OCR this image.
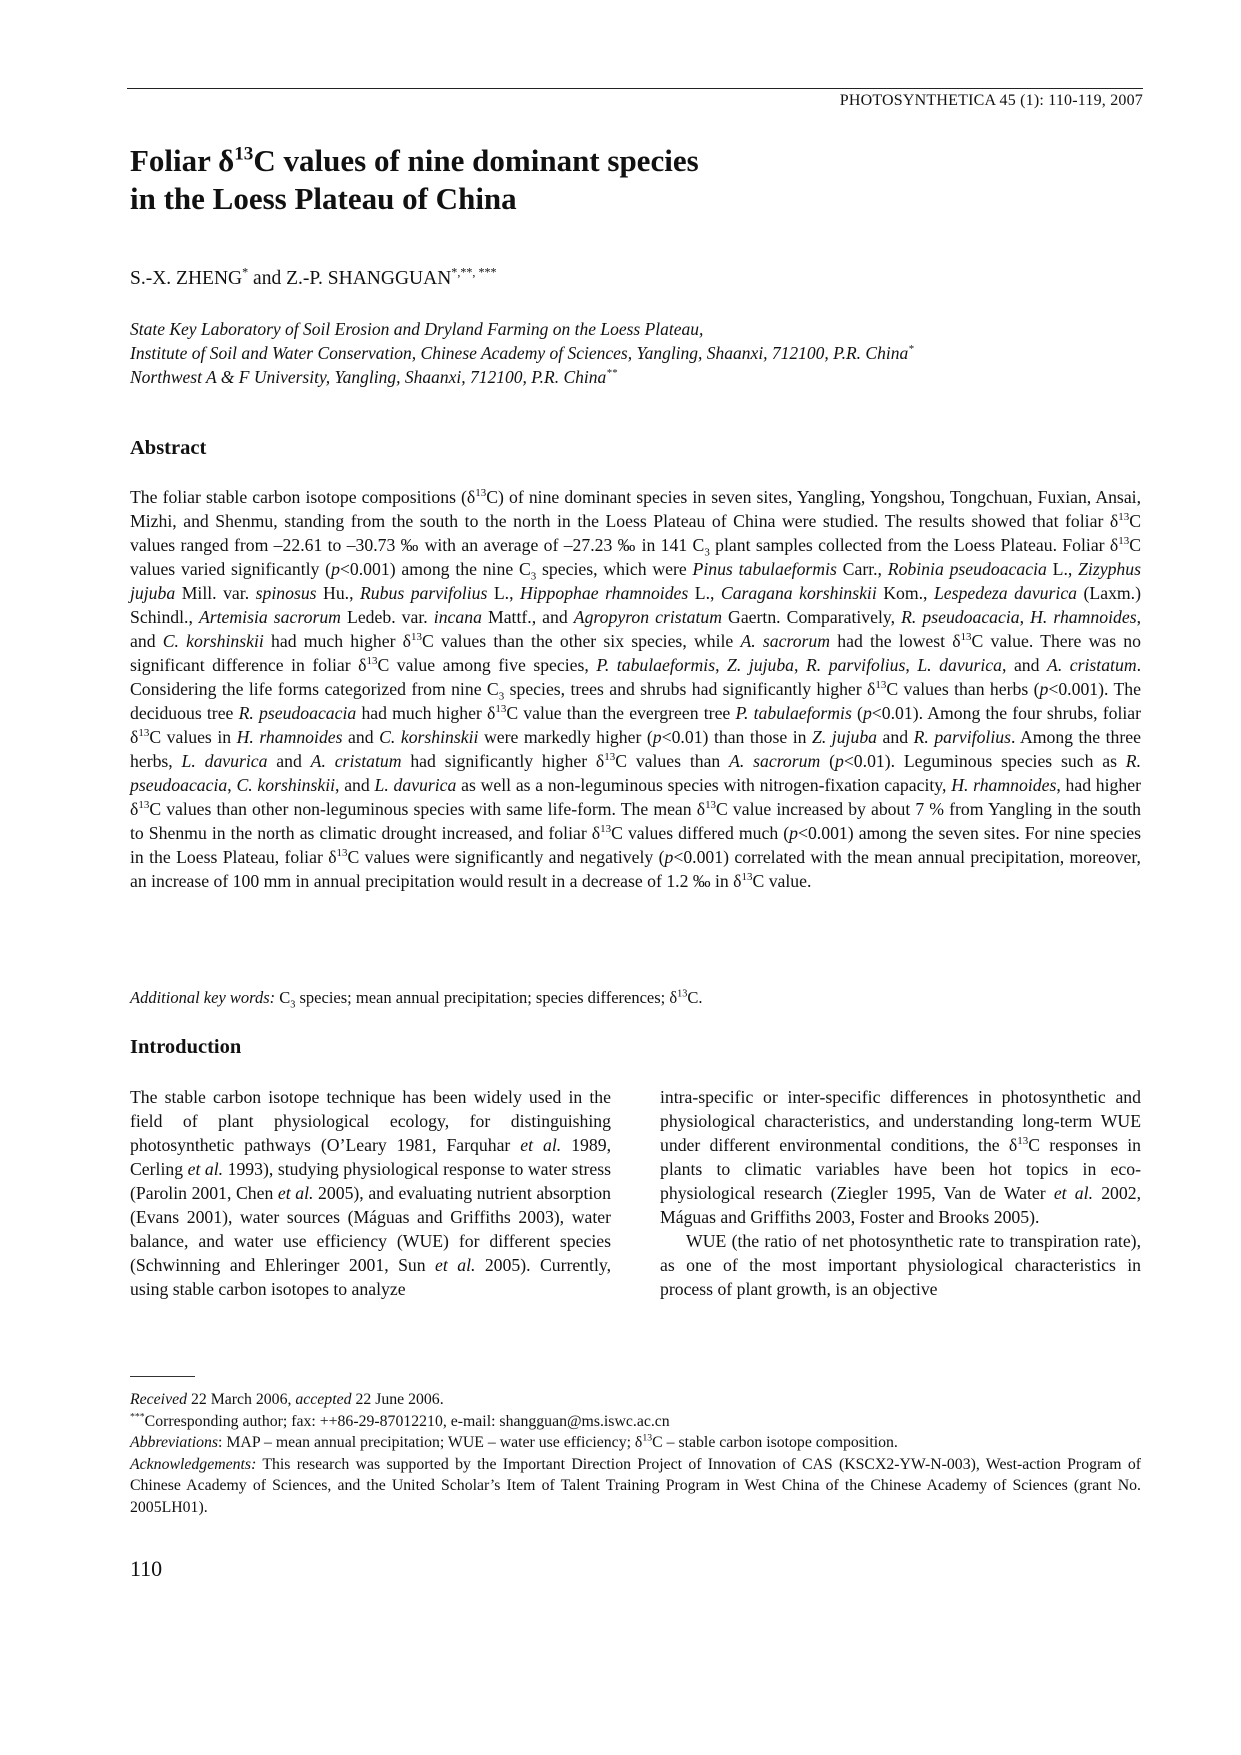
PHOTOSYNTHETICA 45 (1): 110-119, 2007
Foliar $\delta^{13}C$ values of nine dominant species
in the Loess Plateau of China
S.-X. ZHENG* and Z.-P. SHANGGUAN*,**, ***
State Key Laboratory of Soil Erosion and Dryland Farming on the Loess Plateau,
Institute of Soil and Water Conservation, Chinese Academy of Sciences, Yangling, Shaanxi, 712100, P.R. China*
Northwest A & F University, Yangling, Shaanxi, 712100, P.R. China**
Abstract

The foliar stable carbon isotope compositions $(\delta^{13}C)$ of nine dominant species in seven sites, Yangling, Yongshou, Tongchuan, Fuxian, Ansai, Mizhi, and Shenmu, standing from the south to the north in the Loess Plateau of China were studied. The results showed that foliar $\delta^{13}C$ values ranged from –22.61 to –30.73 ‰ with an average of –27.23 ‰ in 141 $C_3$ plant samples collected from the Loess Plateau. Foliar $\delta^{13}C$ values varied significantly (p<0.001) among the nine $C_3$ species, which were Pinus tabulaeformis Carr., Robinia pseudoacacia L., Zizyphus jujuba Mill. var. spinosus Hu., Rubus parvifolius L., Hippophae rhamnoides L., Caragana korshinskii Kom., Lespedeza davurica (Laxm.) Schindl., Artemisia sacrorum Ledeb. var. incana Mattf., and Agropyron cristatum Gaertn. Comparatively, R. pseudoacacia, H. rhamnoides, and C. korshinskii had much higher $\delta^{13}C$ values than the other six species, while A. sacrorum had the lowest $\delta^{13}C$ value. There was no significant difference in foliar $\delta^{13}C$ value among five species, P. tabulaeformis, Z. jujuba, R. parvifolius, L. davurica, and A. cristatum. Considering the life forms categorized from nine $C_3$ species, trees and shrubs had significantly higher $\delta^{13}C$ values than herbs (p<0.001). The deciduous tree R. pseudoacacia had much higher $\delta^{13}C$ value than the evergreen tree P. tabulaeformis (p<0.01). Among the four shrubs, foliar $\delta^{13}C$ values in H. rhamnoides and C. korshinskii were markedly higher (p<0.01) than those in Z. jujuba and R. parvifolius. Among the three herbs, L. davurica and A. cristatum had significantly higher $\delta^{13}C$ values than A. sacrorum (p<0.01). Leguminous species such as R. pseudoacacia, C. korshinskii, and L. davurica as well as a non-leguminous species with nitrogen-fixation capacity, H. rhamnoides, had higher $\delta^{13}C$ values than other non-leguminous species with same life-form. The mean $\delta^{13}C$ value increased by about 7 % from Yangling in the south to Shenmu in the north as climatic drought increased, and foliar $\delta^{13}C$ values differed much (p<0.001) among the seven sites. For nine species in the Loess Plateau, foliar $\delta^{13}C$ values were significantly and negatively (p<0.001) correlated with the mean annual precipitation, moreover, an increase of 100 mm in annual precipitation would result in a decrease of 1.2 ‰ in $\delta^{13}C$ value.

Additional key words: $C_3$ species; mean annual precipitation; species differences; $\delta^{13}C$.
Introduction

The stable carbon isotope technique has been widely used in the field of plant physiological ecology, for distinguishing photosynthetic pathways (O’Leary 1981, Farquhar et al. 1989, Cerling et al. 1993), studying physiological response to water stress (Parolin 2001, Chen et al. 2005), and evaluating nutrient absorption (Evans 2001), water sources (Máguas and Griffiths 2003), water balance, and water use efficiency (WUE) for different species (Schwinning and Ehleringer 2001, Sun et al. 2005). Currently, using stable carbon isotopes to analyze

intra-specific or inter-specific differences in photosynthetic and physiological characteristics, and understanding long-term WUE under different environmental conditions, the $\delta^{13}C$ responses in plants to climatic variables have been hot topics in eco-physiological research (Ziegler 1995, Van de Water et al. 2002, Máguas and Griffiths 2003, Foster and Brooks 2005).

WUE (the ratio of net photosynthetic rate to transpiration rate), as one of the most important physiological characteristics in process of plant growth, is an objective

Received 22 March 2006, accepted 22 June 2006.

***Corresponding author; fax: ++86-29-87012210, e-mail: shangguan@ms.iswc.ac.cn

Abbreviations: MAP – mean annual precipitation; WUE – water use efficiency; $\delta^{13}C$ – stable carbon isotope composition.

Acknowledgements: This research was supported by the Important Direction Project of Innovation of CAS (KSCX2-YW-N-003), West-action Program of Chinese Academy of Sciences, and the United Scholar’s Item of Talent Training Program in West China of the Chinese Academy of Sciences (grant No. 2005LH01).

110
